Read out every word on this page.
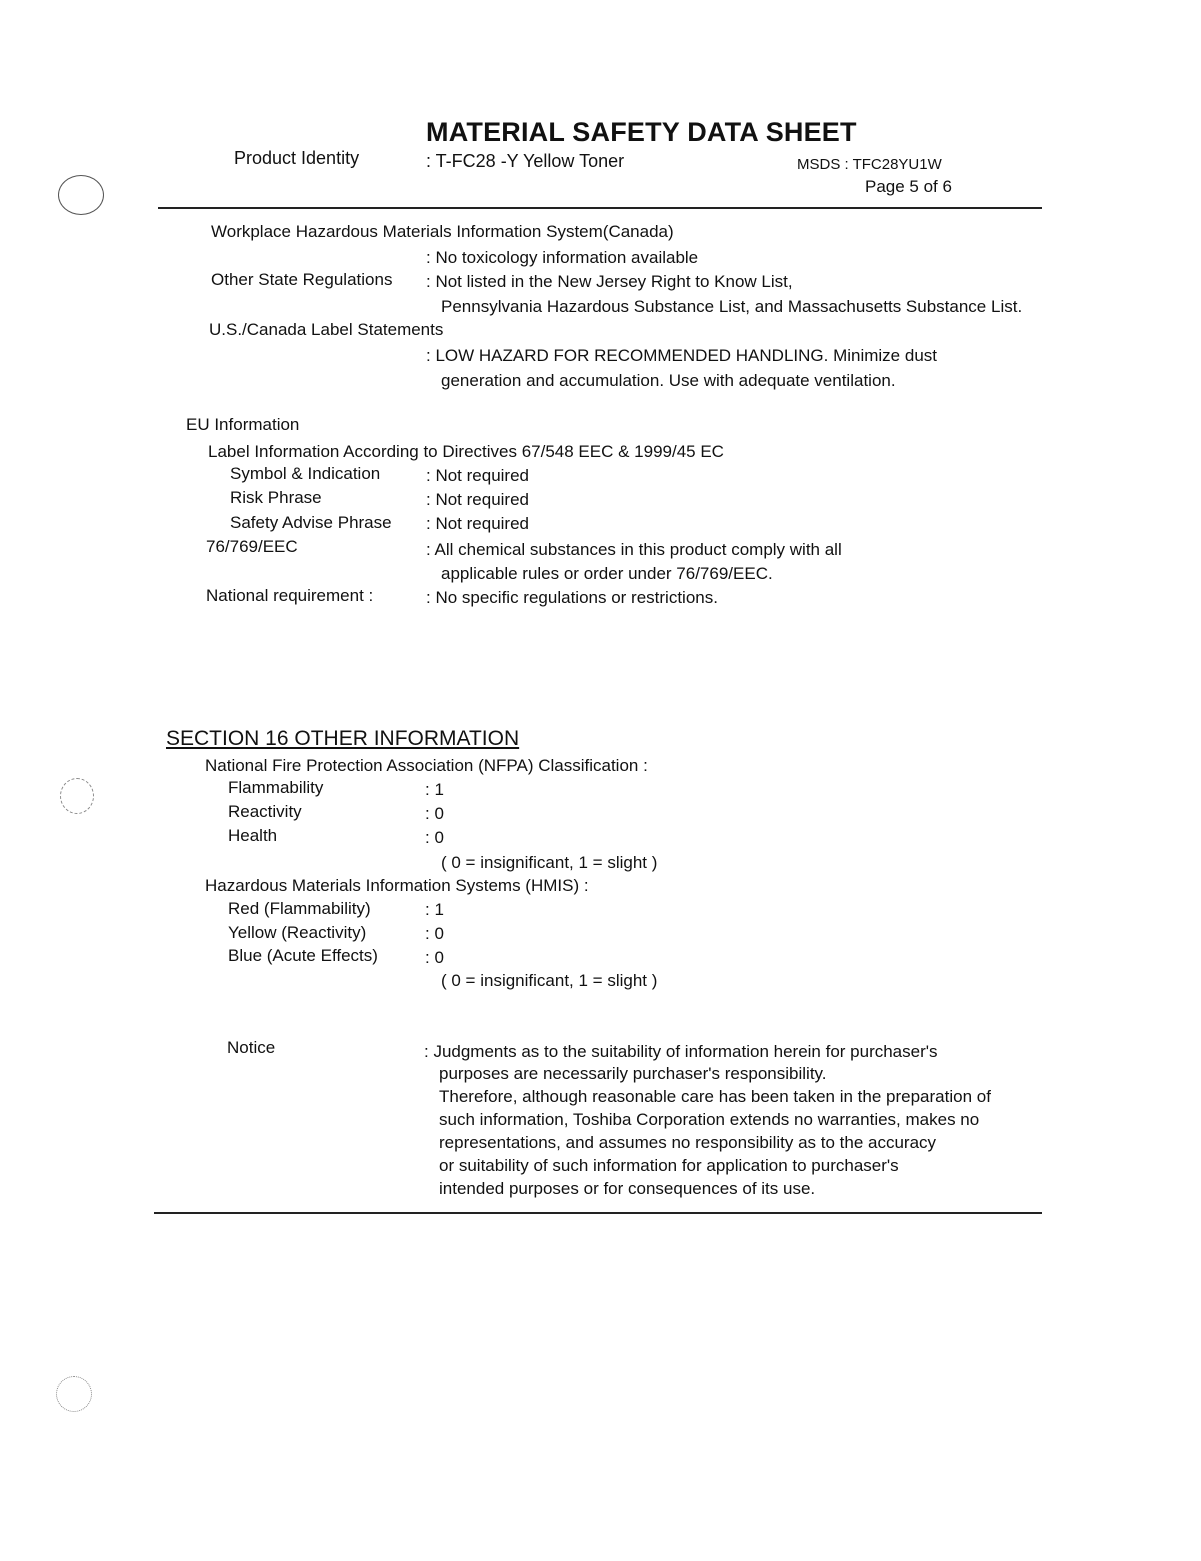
MATERIAL SAFETY DATA SHEET
Product Identity	: T-FC28 -Y Yellow Toner	MSDS : TFC28YU1W
Page 5 of 6
Workplace Hazardous Materials Information System(Canada)
: No toxicology information available
Other State Regulations : Not listed in the New Jersey Right to Know List,
Pennsylvania Hazardous Substance List, and Massachusetts Substance List.
U.S./Canada Label Statements
: LOW HAZARD FOR RECOMMENDED HANDLING. Minimize dust
generation and accumulation. Use with adequate ventilation.
EU Information
Label Information According to Directives 67/548 EEC & 1999/45 EC
Symbol & Indication	: Not required
Risk Phrase	: Not required
Safety Advise Phrase : Not required
76/769/EEC	: All chemical substances in this product comply with all
applicable rules or order under 76/769/EEC.
National requirement :	: No specific regulations or restrictions.
SECTION 16 OTHER INFORMATION
National Fire Protection Association (NFPA) Classification :
Flammability	: 1
Reactivity	: 0
Health	: 0
( 0 = insignificant, 1 = slight )
Hazardous Materials Information Systems (HMIS) :
Red (Flammability)	: 1
Yellow (Reactivity)	: 0
Blue (Acute Effects)	: 0
( 0 = insignificant, 1 = slight )
Notice	: Judgments as to the suitability of information herein for purchaser's
purposes are necessarily purchaser's responsibility.
Therefore, although reasonable care has been taken in the preparation of
such information, Toshiba Corporation extends no warranties, makes no
representations, and assumes no responsibility as to the accuracy
or suitability of such information for application to purchaser's
intended purposes or for consequences of its use.
